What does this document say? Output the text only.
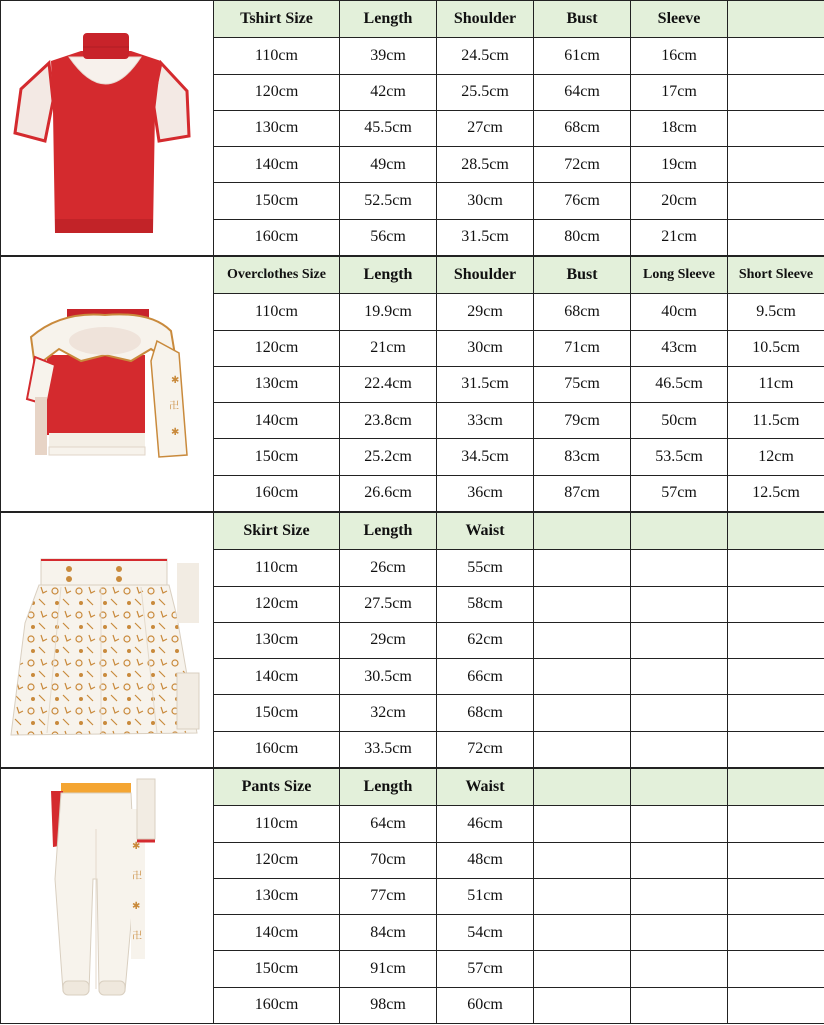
Tshirt Size	Length	Shoulder	Bust	Sleeve	
110cm	39cm	24.5cm	61cm	16cm	
120cm	42cm	25.5cm	64cm	17cm	
130cm	45.5cm	27cm	68cm	18cm	
140cm	49cm	28.5cm	72cm	19cm	
150cm	52.5cm	30cm	76cm	20cm	
160cm	56cm	31.5cm	80cm	21cm	
✱
卍
✱
Overclothes Size	Length	Shoulder	Bust	Long Sleeve	Short Sleeve
110cm	19.9cm	29cm	68cm	40cm	9.5cm
120cm	21cm	30cm	71cm	43cm	10.5cm
130cm	22.4cm	31.5cm	75cm	46.5cm	11cm
140cm	23.8cm	33cm	79cm	50cm	11.5cm
150cm	25.2cm	34.5cm	83cm	53.5cm	12cm
160cm	26.6cm	36cm	87cm	57cm	12.5cm
Skirt Size	Length	Waist			
110cm	26cm	55cm			
120cm	27.5cm	58cm			
130cm	29cm	62cm			
140cm	30.5cm	66cm			
150cm	32cm	68cm			
160cm	33.5cm	72cm			
✱
卍
✱
卍
Pants Size	Length	Waist			
110cm	64cm	46cm			
120cm	70cm	48cm			
130cm	77cm	51cm			
140cm	84cm	54cm			
150cm	91cm	57cm			
160cm	98cm	60cm			
